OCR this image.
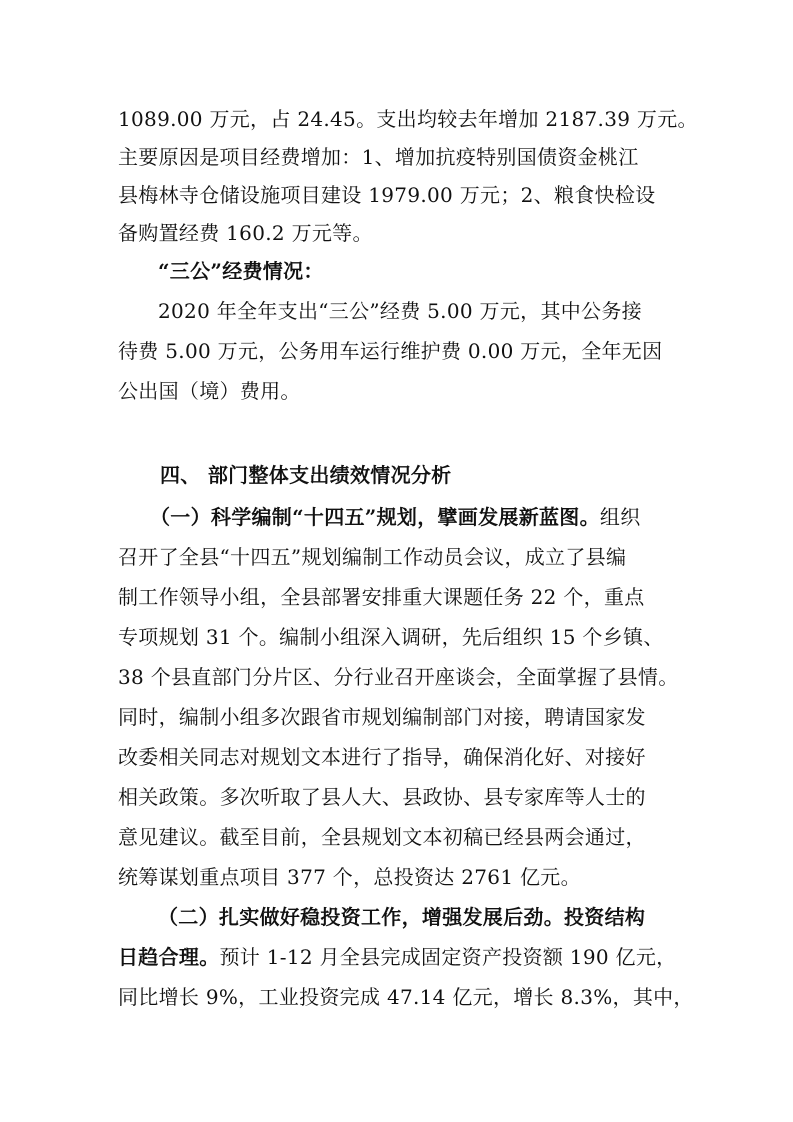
1089.00 万元，占 24.45。支出均较去年增加 2187.39 万元。
主要原因是项目经费增加：1、增加抗疫特别国债资金桃江
县梅林寺仓储设施项目建设 1979.00 万元；2、粮食快检设
备购置经费 160.2 万元等。
“三公”经费情况：
2020 年全年支出“三公”经费 5.00 万元，其中公务接
待费 5.00 万元，公务用车运行维护费 0.00 万元，全年无因
公出国（境）费用。
四、 部门整体支出绩效情况分析
（一）科学编制“十四五”规划，擘画发展新蓝图。组织
召开了全县“十四五”规划编制工作动员会议，成立了县编
制工作领导小组，全县部署安排重大课题任务 22 个，重点
专项规划 31 个。编制小组深入调研，先后组织 15 个乡镇、
38 个县直部门分片区、分行业召开座谈会，全面掌握了县情。
同时，编制小组多次跟省市规划编制部门对接，聘请国家发
改委相关同志对规划文本进行了指导，确保消化好、对接好
相关政策。多次听取了县人大、县政协、县专家库等人士的
意见建议。截至目前，全县规划文本初稿已经县两会通过，
统筹谋划重点项目 377 个，总投资达 2761 亿元。
（二）扎实做好稳投资工作，增强发展后劲。投资结构
日趋合理。预计 1-12 月全县完成固定资产投资额 190 亿元，
同比增长 9%，工业投资完成 47.14 亿元，增长 8.3%，其中，
